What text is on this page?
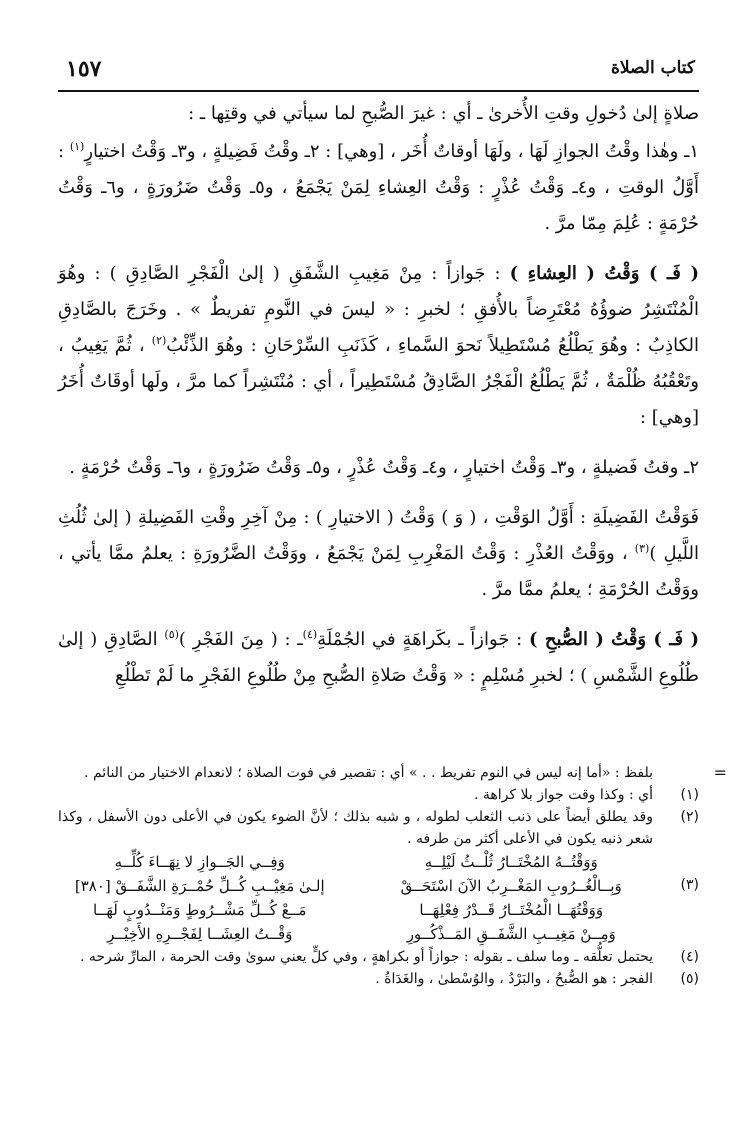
كتاب الصلاة
١٥٧

صلاةٍ إلىٰ دُخولِ وقتِ الأُخرىٰ ـ أي : غيرَ الصُّبحِ لما سيأتي في وقتِها ـ :

١ـ وهٰذا وقْتُ الجوازِ لَهَا ، ولَهَا أوقاتٌ أُخَر ، [وهي] : ٢ـ وقْتُ فَضِيلةٍ ، و٣ـ وَقْتُ اختيارٍ$^{(١)}$ : أَوَّلُ الوقتِ ، و٤ـ وَقْتُ عُذْرٍ : وَقْتُ العِشاءِ لِمَنْ يَجْمَعُ ، و٥ـ وَقْتُ ضَرُورَةٍ ، و٦ـ وَقْتُ حُرْمَةٍ : عُلِمَ مِمّا مرَّ .

( فَـ ) وَقْتُ ( العِشاءِ ) : جَوازاً : مِنْ مَغِيبِ الشَّفَقِ ( إلىٰ الْفَجْرِ الصَّادِقِ ) : وهُوَ الْمُنْتَشِرُ ضوؤُهُ مُعْتَرِضاً بالأُفقِ ؛ لخبرِ : « ليسَ في النَّومِ تفريطٌ » . وخَرَجَ بالصَّادِقِ الكاذِبُ : وهُوَ يَطْلُعُ مُسْتَطِيلاً نَحوَ السَّماءِ ، كَذَنَبِ السِّرْحَانِ : وهُوَ الذِّئْبُ$^{(٢)}$ ، ثُمَّ يَغِيبُ ، وتَعْقُبُهُ ظُلْمَةٌ ، ثُمَّ يَطْلُعُ الْفَجْرُ الصَّادِقُ مُسْتَطِيراً ، أي : مُنْتَشِراً كما مرَّ ، ولَها أوقَاتٌ أُخَرُ [وهي] :

٢ـ وقتُ فَضيلةٍ ، و٣ـ وَقْتُ اختيارٍ ، و٤ـ وَقْتُ عُذْرٍ ، و٥ـ وَقْتُ ضَرُورَةٍ ، و٦ـ وَقْتُ حُرْمَةٍ .

فَوَقْتُ الفَضِيلَةِ : أَوَّلُ الوَقْتِ ، ( وَ ) وَقْتُ ( الاختيارِ ) : مِنْ آخِرِ وقْتِ الفَضِيلةِ ( إلىٰ ثُلُثِ اللَّيلِ )$^{(٣)}$ ، ووَقْتُ العُذْرِ : وَقْتُ المَغْرِبِ لِمَنْ يَجْمَعُ ، ووَقْتُ الضَّرُورَةِ : يعلمُ ممَّا يأتي ، ووَقْتُ الحُرْمَةِ ؛ يعلمُ ممَّا مرَّ .

( فَـ ) وَقْتُ ( الصُّبحِ ) : جَوازاً ـ بكَراهَةٍ في الجُمْلَةِ$^{(٤)}$ـ : ( مِنَ الفَجْرِ )$^{(٥)}$ الصَّادِقِ ( إلىٰ طُلُوعِ الشَّمْسِ ) ؛ لخبرِ مُسْلِمٍ : « وَقْتُ صَلاةِ الصُّبحِ مِنْ طُلُوعِ الفَجْرِ ما لَمْ تَطْلُعِ

=
بلفظ : «أما إنه ليس في النوم تفريط . . » أي : تقصير في فوت الصلاة ؛ لانعدام الاختيار من النائم .
(١)
أي : وكذا وقت جواز بلا كراهة .
(٢)
وقد يطلق أيضاً على ذنب الثعلب لطوله ، و شبه بذلك ؛ لأنَّ الضوء يكون في الأعلى دون الأسفل ، وكذا شعر ذنبه يكون في الأعلى أكثر من طرفه .
(٣)
وَوَقْتُــهُ المُخْتَــارُ ثُلْــثُ لَيْلِــهِ
وَفِــي الجَــوازِ لا نِهَــاءَ كُلِّــهِ
وَبِــالْغُــرُوبِ المَغْــرِبُ الآنَ اسْتَحَــقْ
إلـىٰ مَغِيْــبِ كُــلِّ حُمْــرَةِ الشَّفَــقْ [٣٨٠]
وَوَقْتُهَــا الْمُخْتَــارُ قَــدْرُ فِعْلِهَــا
مَــعْ كُــلِّ مَشْــرُوطٍ وَمَنْــدُوبٍ لَهَــا
وَمِــنْ مَغِيــبِ الشَّفَــقِ المَــذْكُــورِ
وَقْــتُ العِشَــا لِفَجْــرِهِ الأَخِيْــرِ
(٤)
يحتمل تعلُّقه ـ وما سلف ـ بقوله : جوازاً أو بكراهةٍ ، وفي كلٍّ يعني سوىٰ وقت الحرمة ، المارِّ شرحه .
(٥)
الفجر : هو الصُّبحُ ، والبَرْدُ ، والوُسْطىٰ ، والغَدَاةُ .
